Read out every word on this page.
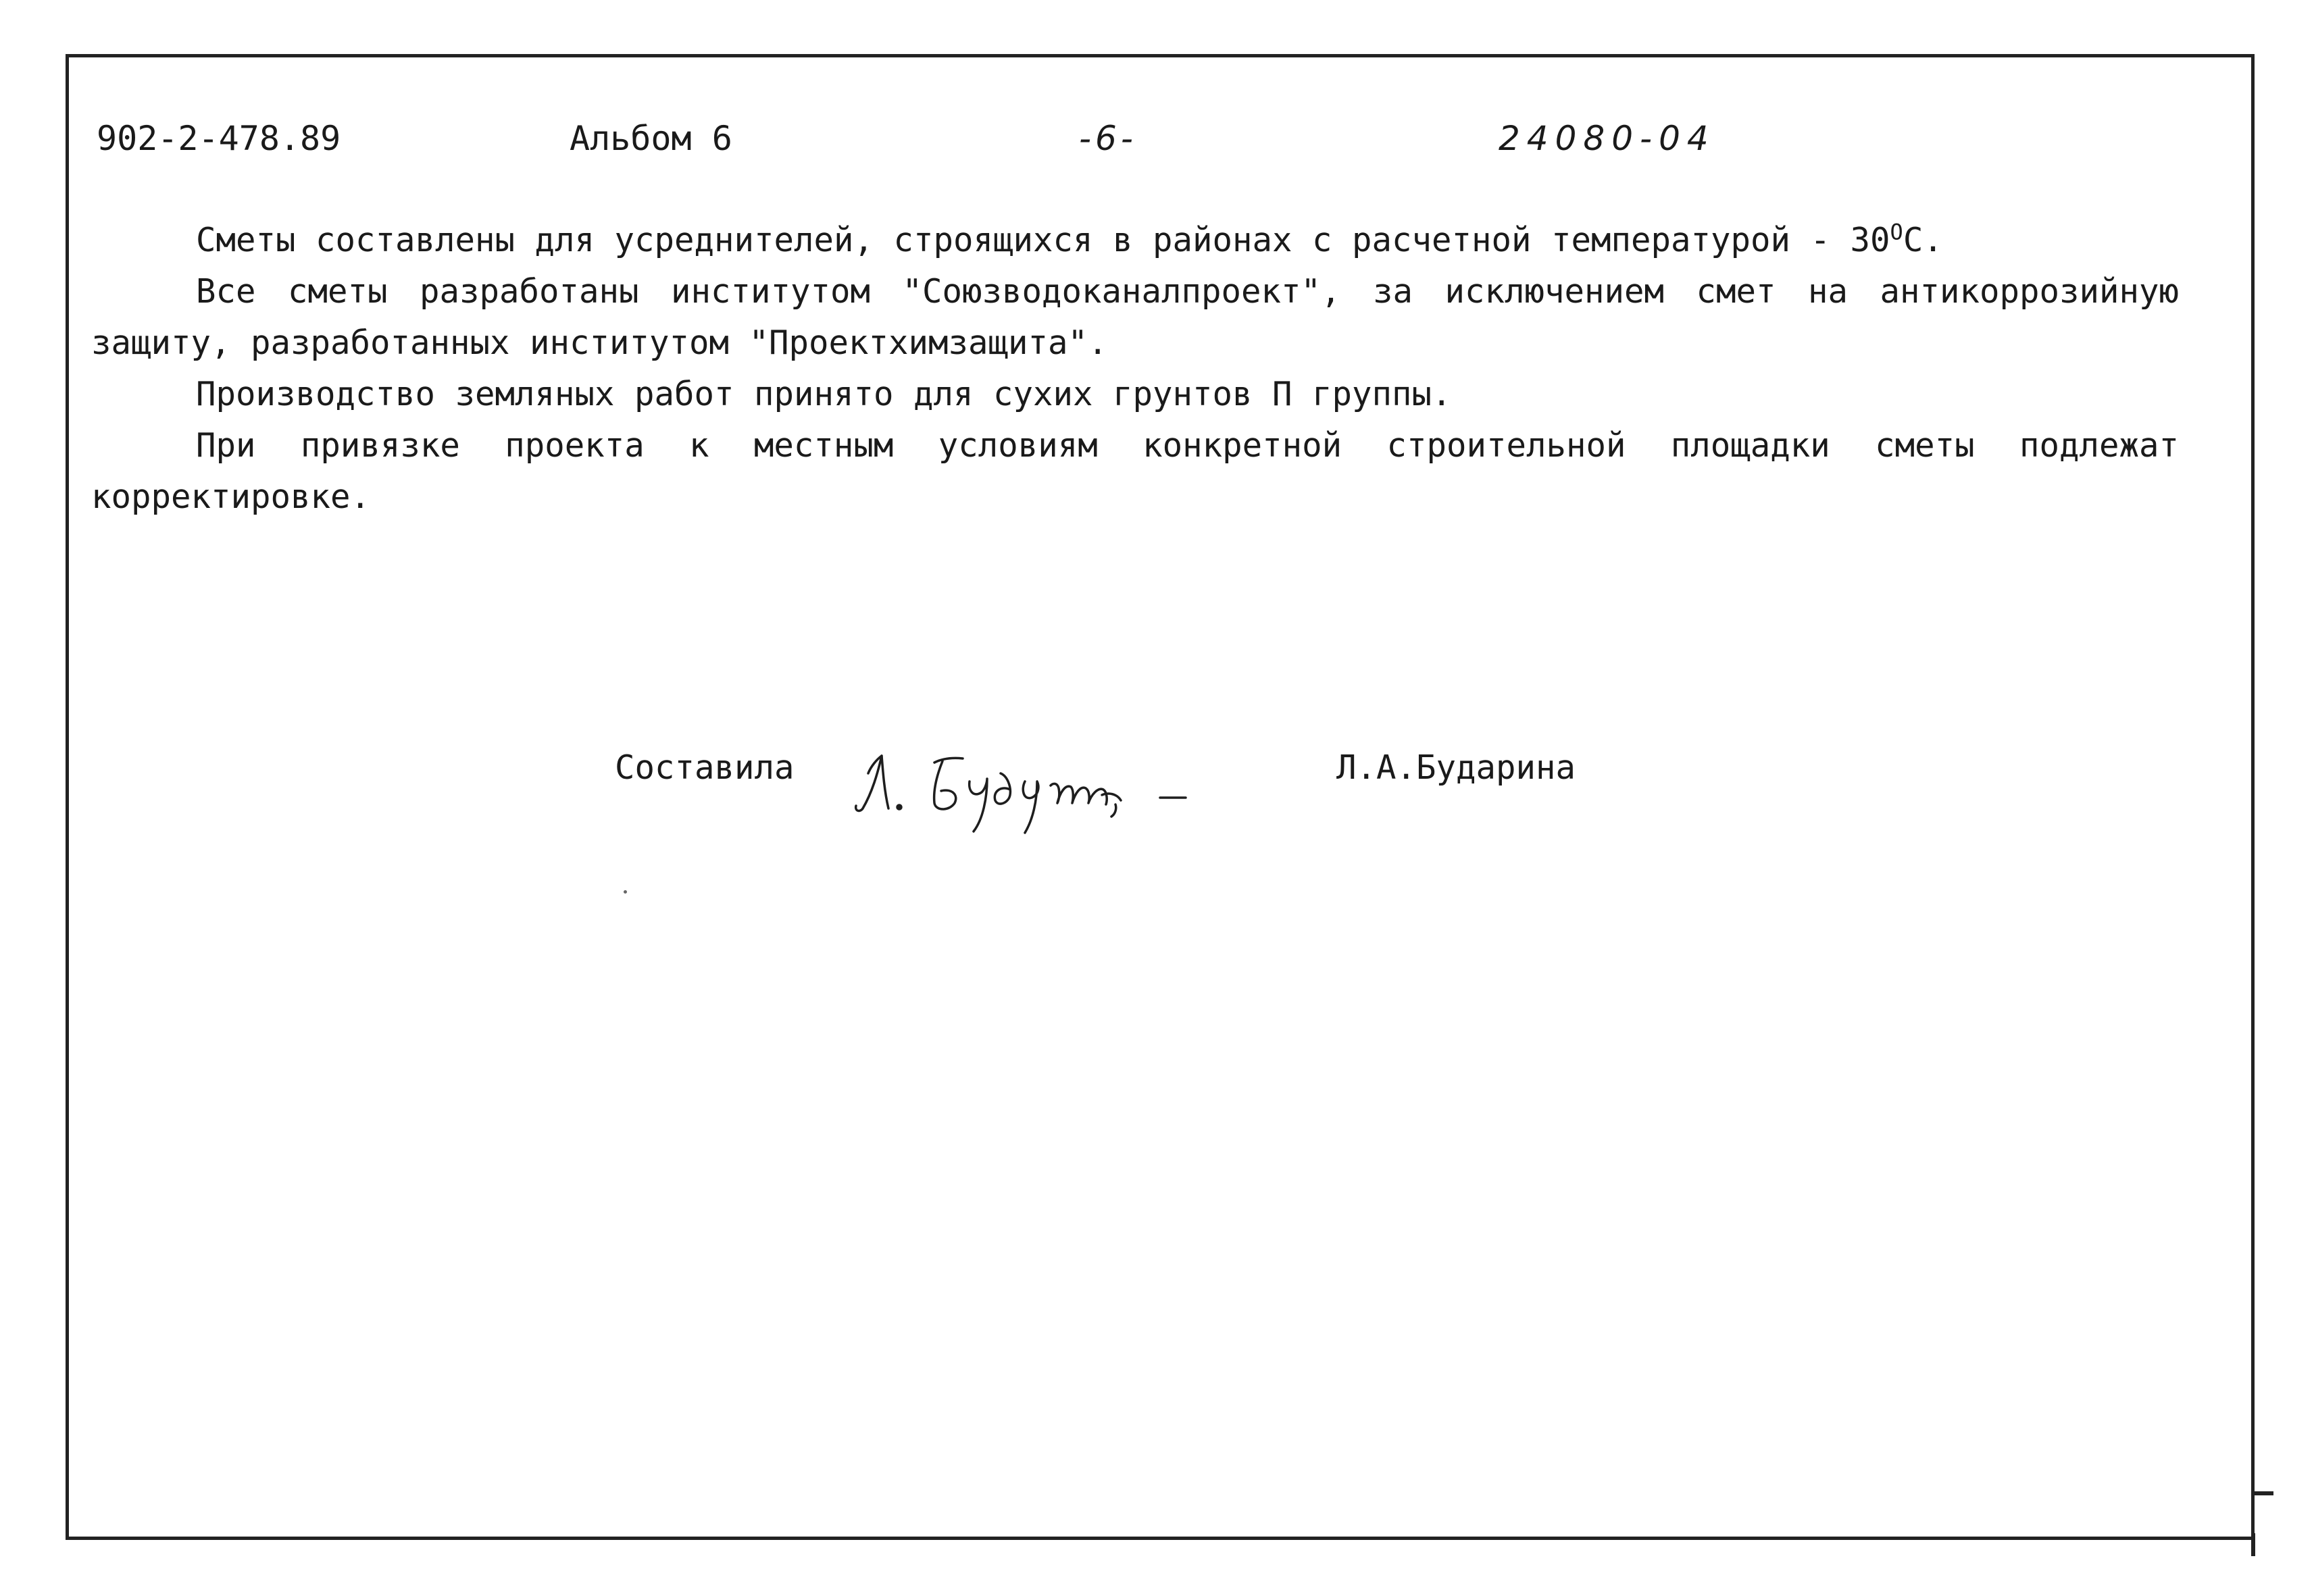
902-2-478.89	Альбом 6	-6-	24080-04

Сметы составлены для усреднителей, строящихся в районах с расчетной температурой - $30^ОС$.

Все сметы разработаны институтом "Союзводоканалпроект", за исключением смет на антикоррозийную защиту, разработанных институтом "Проектхимзащита".

Производство земляных работ принято для сухих грунтов П группы.

При привязке проекта к местным условиям конкретной строительной площадки сметы подлежат корректировке.

Составила	Л.А.Бударина
